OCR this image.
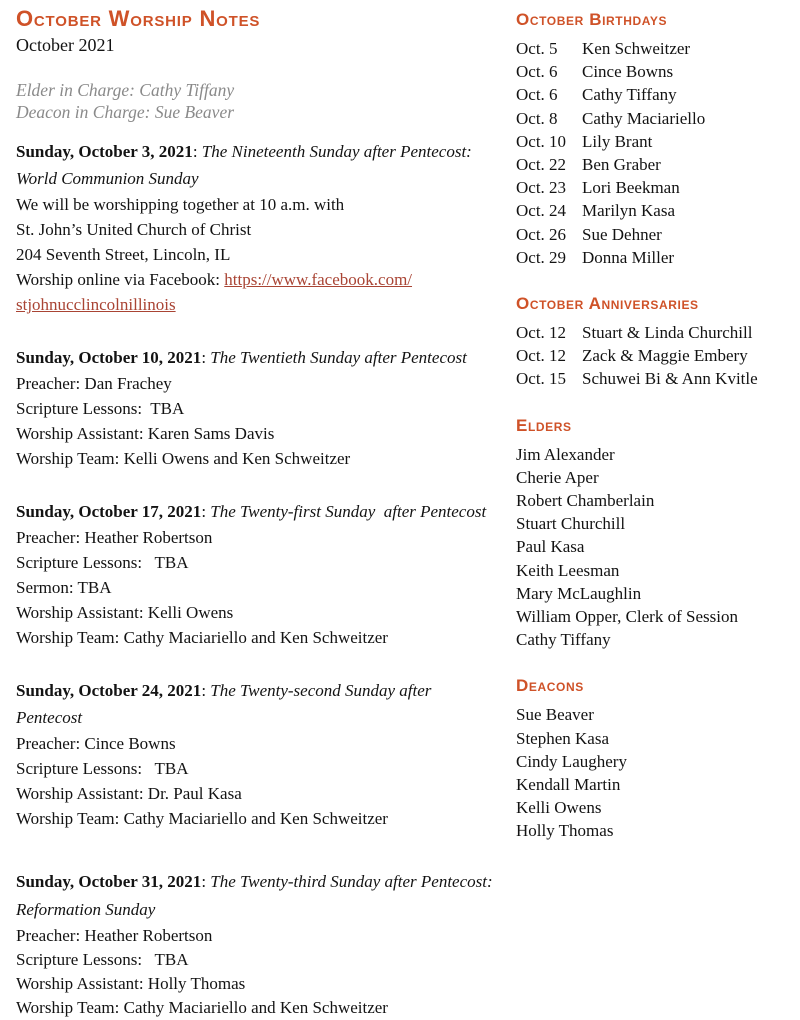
October Worship Notes
October 2021
Elder in Charge: Cathy Tiffany
Deacon in Charge: Sue Beaver
Sunday, October 3, 2021: The Nineteenth Sunday after Pentecost:
World Communion Sunday
We will be worshipping together at 10 a.m. with
St. John’s United Church of Christ
204 Seventh Street, Lincoln, IL
Worship online via Facebook: https://www.facebook.com/
stjohnucclincolnillinois
Sunday, October 10, 2021: The Twentieth Sunday after Pentecost
Preacher: Dan Frachey
Scripture Lessons:  TBA
Worship Assistant: Karen Sams Davis
Worship Team: Kelli Owens and Ken Schweitzer
Sunday, October 17, 2021: The Twenty-first Sunday  after Pentecost
Preacher: Heather Robertson
Scripture Lessons:   TBA
Sermon: TBA
Worship Assistant: Kelli Owens
Worship Team: Cathy Maciariello and Ken Schweitzer
Sunday, October 24, 2021: The Twenty-second Sunday after
Pentecost
Preacher: Cince Bowns
Scripture Lessons:   TBA
Worship Assistant: Dr. Paul Kasa
Worship Team: Cathy Maciariello and Ken Schweitzer
Sunday, October 31, 2021: The Twenty-third Sunday after Pentecost:
Reformation Sunday
Preacher: Heather Robertson
Scripture Lessons:   TBA
Worship Assistant: Holly Thomas
Worship Team: Cathy Maciariello and Ken Schweitzer
October Birthdays
Oct. 5 Ken Schweitzer
Oct. 6 Cince Bowns
Oct. 6 Cathy Tiffany
Oct. 8 Cathy Maciariello
Oct. 10 Lily Brant
Oct. 22 Ben Graber
Oct. 23 Lori Beekman
Oct. 24 Marilyn Kasa
Oct. 26 Sue Dehner
Oct. 29 Donna Miller
October Anniversaries
Oct. 12 Stuart & Linda Churchill
Oct. 12 Zack & Maggie Embery
Oct. 15 Schuwei Bi & Ann Kvitle
Elders
Jim Alexander
Cherie Aper
Robert Chamberlain
Stuart Churchill
Paul Kasa
Keith Leesman
Mary McLaughlin
William Opper, Clerk of Session
Cathy Tiffany
Deacons
Sue Beaver
Stephen Kasa
Cindy Laughery
Kendall Martin
Kelli Owens
Holly Thomas
